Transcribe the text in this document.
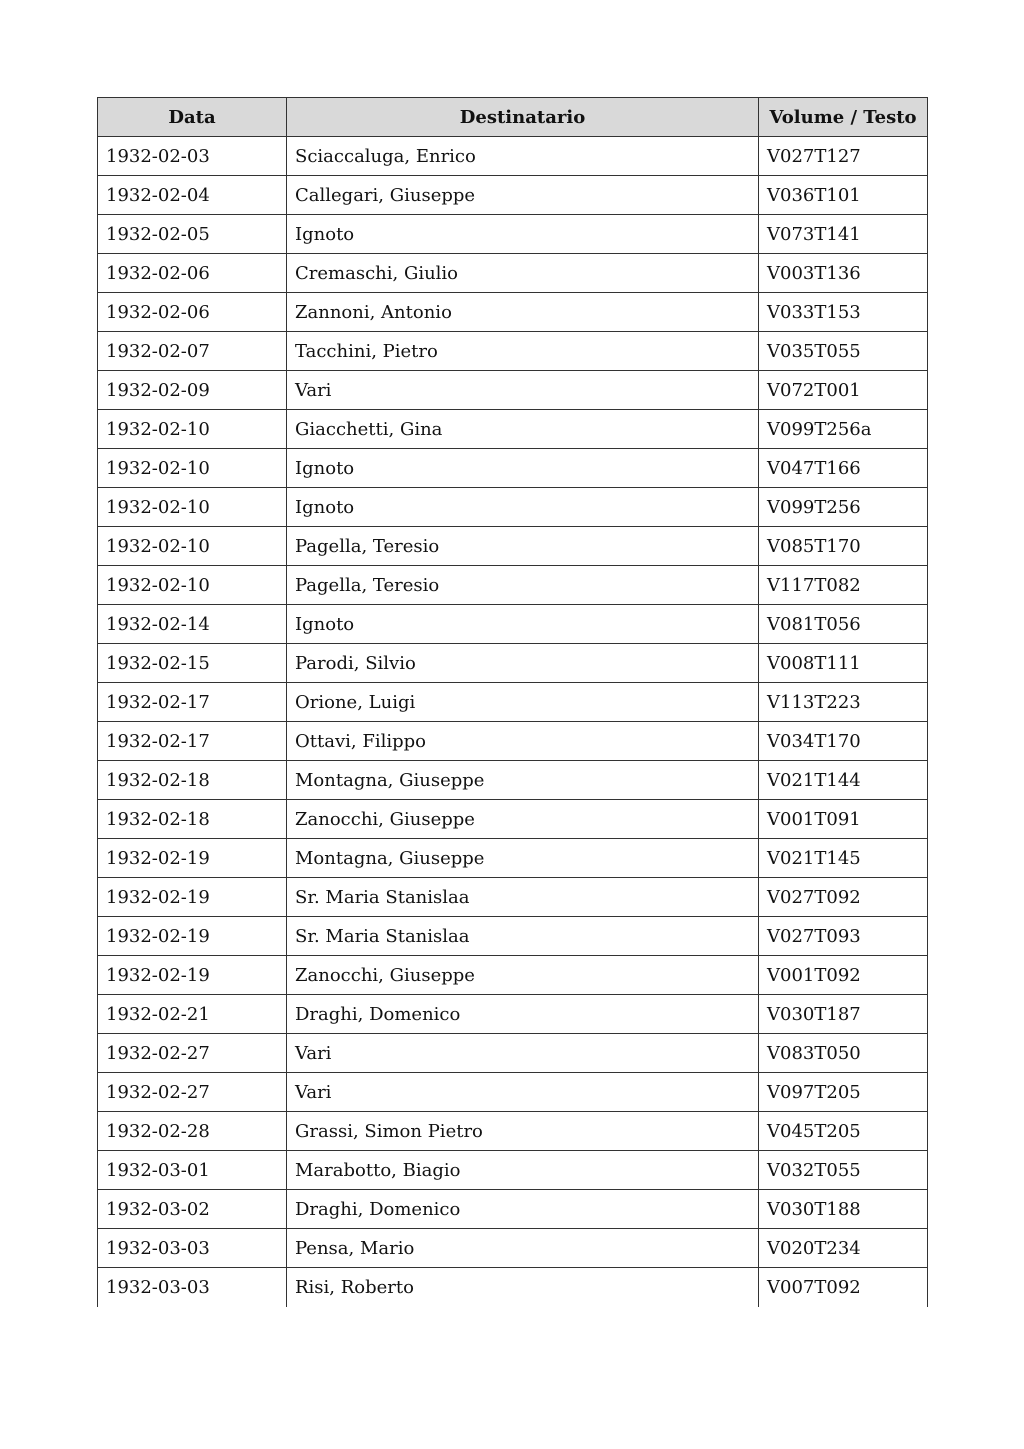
Data	Destinatario	Volume / Testo
1932-02-03	Sciaccaluga, Enrico	V027T127
1932-02-04	Callegari, Giuseppe	V036T101
1932-02-05	Ignoto	V073T141
1932-02-06	Cremaschi, Giulio	V003T136
1932-02-06	Zannoni, Antonio	V033T153
1932-02-07	Tacchini, Pietro	V035T055
1932-02-09	Vari	V072T001
1932-02-10	Giacchetti, Gina	V099T256a
1932-02-10	Ignoto	V047T166
1932-02-10	Ignoto	V099T256
1932-02-10	Pagella, Teresio	V085T170
1932-02-10	Pagella, Teresio	V117T082
1932-02-14	Ignoto	V081T056
1932-02-15	Parodi, Silvio	V008T111
1932-02-17	Orione, Luigi	V113T223
1932-02-17	Ottavi, Filippo	V034T170
1932-02-18	Montagna, Giuseppe	V021T144
1932-02-18	Zanocchi, Giuseppe	V001T091
1932-02-19	Montagna, Giuseppe	V021T145
1932-02-19	Sr. Maria Stanislaa	V027T092
1932-02-19	Sr. Maria Stanislaa	V027T093
1932-02-19	Zanocchi, Giuseppe	V001T092
1932-02-21	Draghi, Domenico	V030T187
1932-02-27	Vari	V083T050
1932-02-27	Vari	V097T205
1932-02-28	Grassi, Simon Pietro	V045T205
1932-03-01	Marabotto, Biagio	V032T055
1932-03-02	Draghi, Domenico	V030T188
1932-03-03	Pensa, Mario	V020T234
1932-03-03	Risi, Roberto	V007T092
